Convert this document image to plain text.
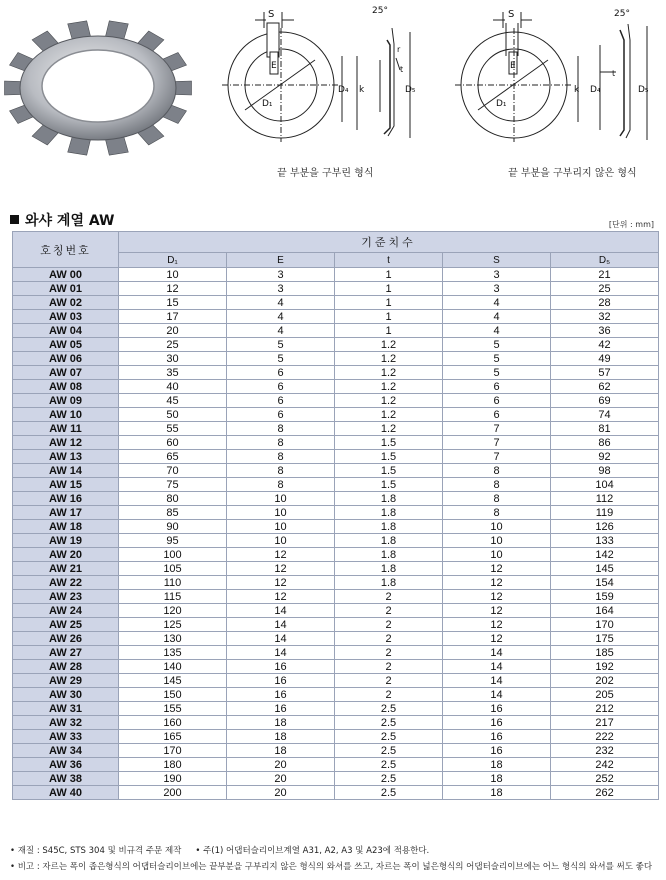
S
E
D₁
D₄ k	D₅
25°
r
t
S
E
D₁
k D₄	D₅
25°
t
끝 부분을 구부린 형식	끝 부분을 구부리지 않은 형식
와샤 계열 AW	[단위 : mm]
호칭번호	기준치수				
	D₁	E	t	S	D₅
AW 00	10	3	1	3	21
AW 01	12	3	1	3	25
AW 02	15	4	1	4	28
AW 03	17	4	1	4	32
AW 04	20	4	1	4	36
AW 05	25	5	1.2	5	42
AW 06	30	5	1.2	5	49
AW 07	35	6	1.2	5	57
AW 08	40	6	1.2	6	62
AW 09	45	6	1.2	6	69
AW 10	50	6	1.2	6	74
AW 11	55	8	1.2	7	81
AW 12	60	8	1.5	7	86
AW 13	65	8	1.5	7	92
AW 14	70	8	1.5	8	98
AW 15	75	8	1.5	8	104
AW 16	80	10	1.8	8	112
AW 17	85	10	1.8	8	119
AW 18	90	10	1.8	10	126
AW 19	95	10	1.8	10	133
AW 20	100	12	1.8	10	142
AW 21	105	12	1.8	12	145
AW 22	110	12	1.8	12	154
AW 23	115	12	2	12	159
AW 24	120	14	2	12	164
AW 25	125	14	2	12	170
AW 26	130	14	2	12	175
AW 27	135	14	2	14	185
AW 28	140	16	2	14	192
AW 29	145	16	2	14	202
AW 30	150	16	2	14	205
AW 31	155	16	2.5	16	212
AW 32	160	18	2.5	16	217
AW 33	165	18	2.5	16	222
AW 34	170	18	2.5	16	232
AW 36	180	20	2.5	18	242
AW 38	190	20	2.5	18	252
AW 40	200	20	2.5	18	262
• 재질 : S45C, STS 304 및 비규격 주문 제작 • 주(1) 어댑터슬리이브계열 A31, A2, A3 및 A23에 적용한다.
• 비고 : 자르는 폭이 좁은형식의 어댑터슬리이브에는 끝부분을 구부리지 않은 형식의 와셔를 쓰고, 자르는 폭이 넓은형식의 어댑터슬리이브에는 어느 형식의 와셔를 써도 좋다
